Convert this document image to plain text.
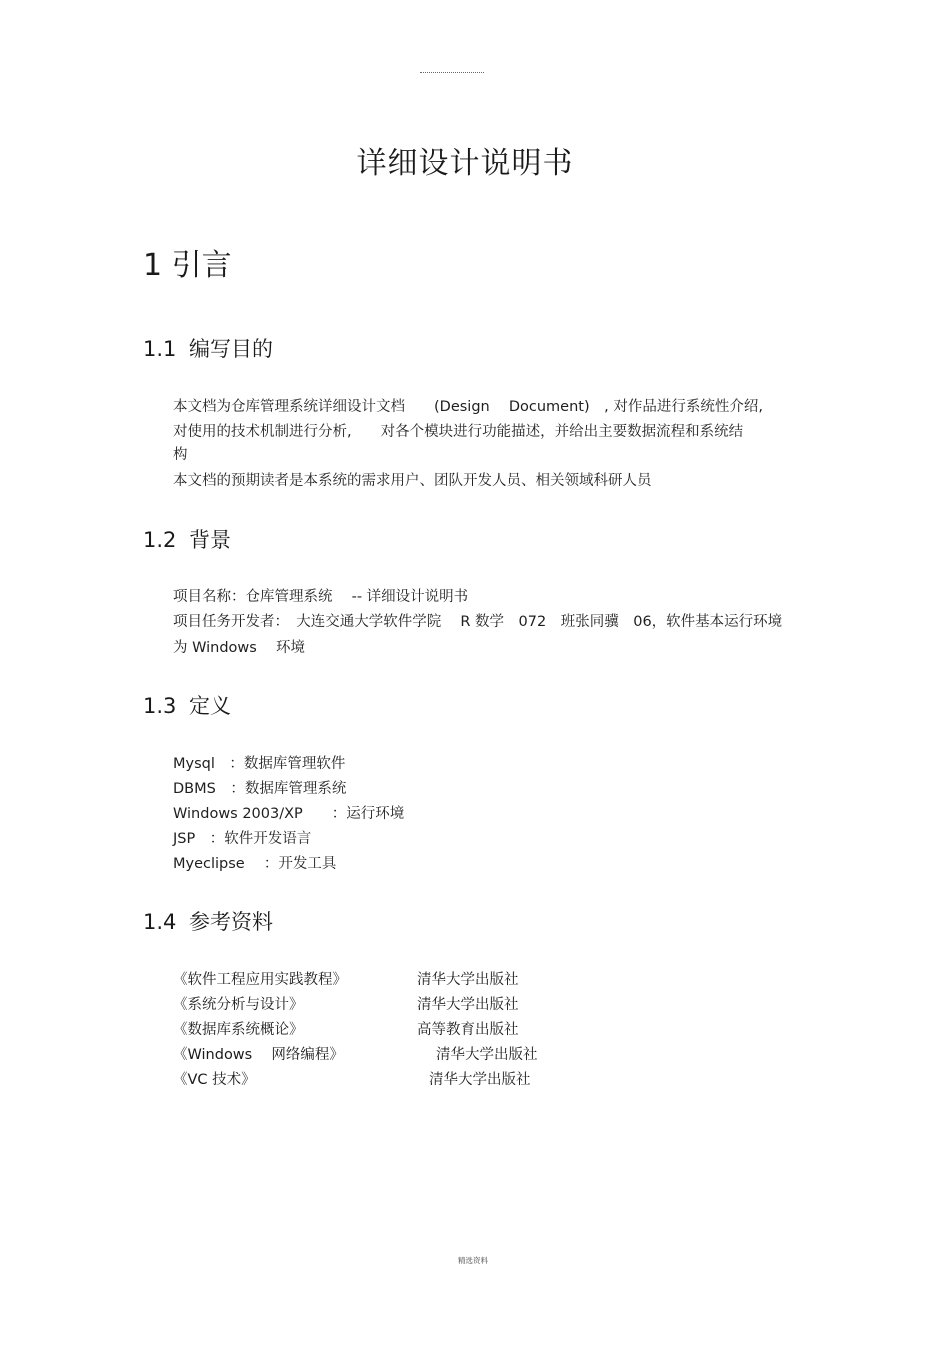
详细设计说明书
1 引言
1.1 编写目的
本文档为仓库管理系统详细设计文档　　(Design　 Document)　, 对作品进行系统性介绍,
对使用的技术机制进行分析,　　对各个模块进行功能描述，并给出主要数据流程和系统结
构
本文档的预期读者是本系统的需求用户、团队开发人员、相关领域科研人员
1.2 背景
项目名称：仓库管理系统　 -- 详细设计说明书
项目任务开发者：　大连交通大学软件学院　 R 数学　072　班张同骥　06，软件基本运行环境
为 Windows　 环境
1.3 定义
Mysql　：数据库管理软件
DBMS　：数据库管理系统
Windows 2003/XP　　：运行环境
JSP　：软件开发语言
Myeclipse　 ：开发工具
1.4 参考资料
《软件工程应用实践教程》	清华大学出版社
《系统分析与设计》	清华大学出版社
《数据库系统概论》	高等教育出版社
《Windows　 网络编程》	清华大学出版社
《VC 技术》	清华大学出版社
精选资料
